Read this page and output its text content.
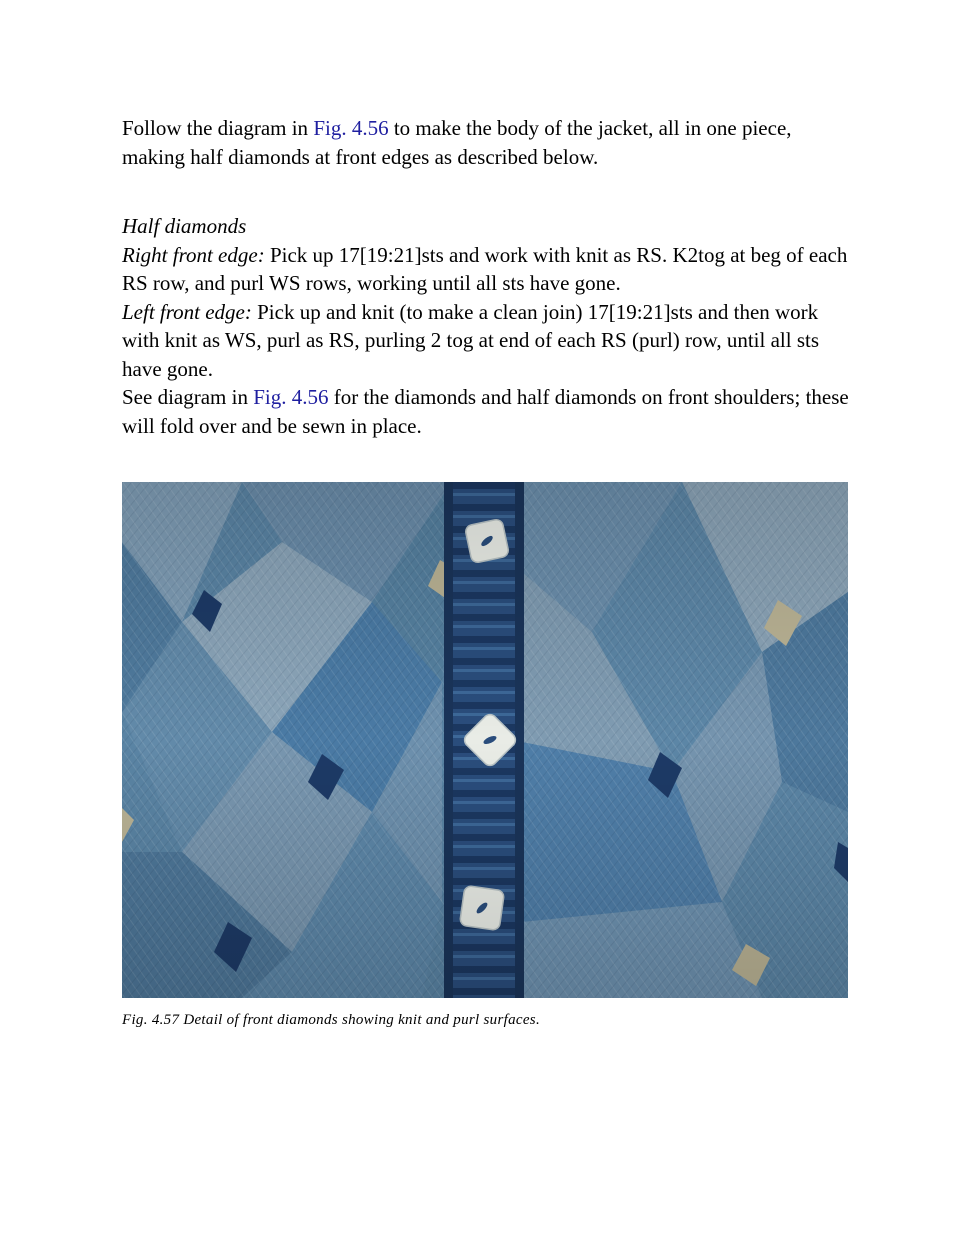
Follow the diagram in Fig. 4.56 to make the body of the jacket, all in one piece, making half diamonds at front edges as described below.
Half diamonds
Right front edge: Pick up 17[19:21]sts and work with knit as RS. K2tog at beg of each RS row, and purl WS rows, working until all sts have gone.
Left front edge: Pick up and knit (to make a clean join) 17[19:21]sts and then work with knit as WS, purl as RS, purling 2 tog at end of each RS (purl) row, until all sts have gone.
See diagram in Fig. 4.56 for the diamonds and half diamonds on front shoulders; these will fold over and be sewn in place.
Fig. 4.57 Detail of front diamonds showing knit and purl surfaces.
